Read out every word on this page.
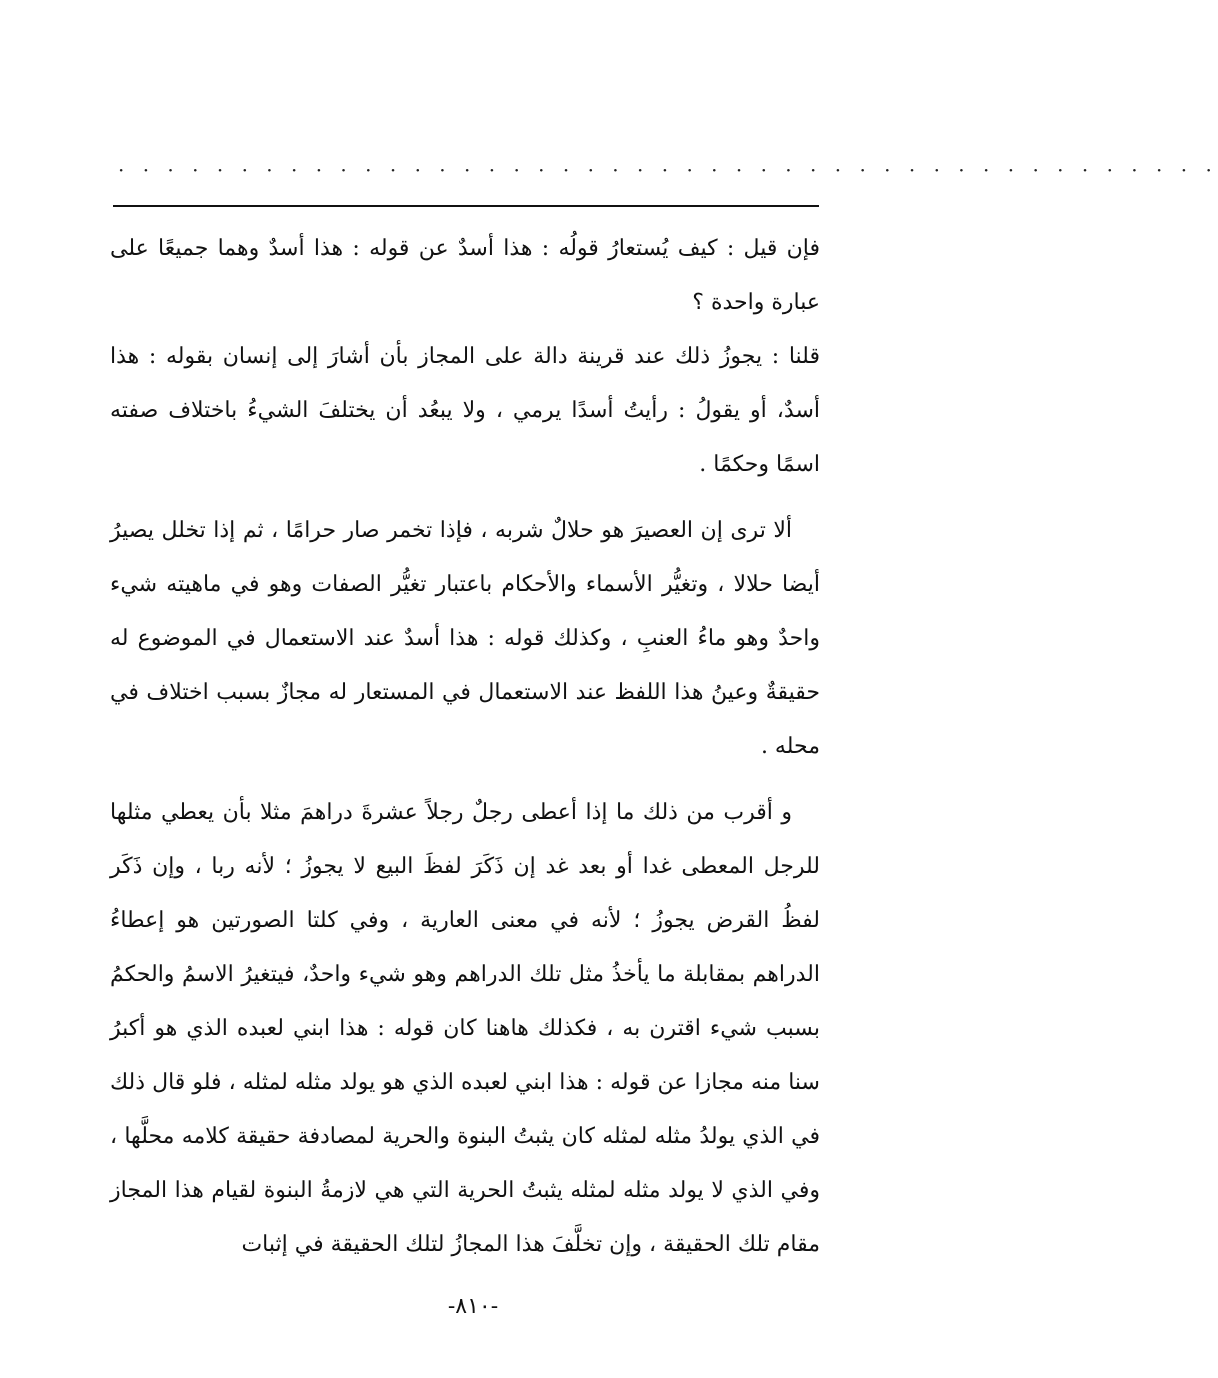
· · · · · · · · · · · · · · · · · · · · · · · · · · · · · · · · · · · · · · · · · · · · ·

فإن قيل : كيف يُستعارُ قولُه : هذا أسدٌ عن قوله : هذا أسدٌ وهما جميعًا على عبارة واحدة ؟

قلنا : يجوزُ ذلك عند قرينة دالة على المجاز بأن أشارَ إلى إنسان بقوله : هذا أسدٌ، أو يقولُ : رأيتُ أسدًا يرمي ، ولا يبعُد أن يختلفَ الشيءُ باختلاف صفته اسمًا وحكمًا .

ألا ترى إن العصيرَ هو حلالٌ شربه ، فإذا تخمر صار حرامًا ، ثم إذا تخلل يصيرُ أيضا حلالا ، وتغيُّر الأسماء والأحكام باعتبار تغيُّر الصفات وهو في ماهيته شيء واحدٌ وهو ماءُ العنبِ ، وكذلك قوله : هذا أسدٌ عند الاستعمال في الموضوع له حقيقةٌ وعينُ هذا اللفظ عند الاستعمال في المستعار له مجازٌ بسبب اختلاف في محله .

و أقرب من ذلك ما إذا أعطى رجلٌ رجلاً عشرةَ دراهمَ مثلا بأن يعطي مثلها للرجل المعطى غدا أو بعد غد إن ذَكَرَ لفظَ البيع لا يجوزُ ؛ لأنه ربا ، وإن ذَكَر لفظُ القرض يجوزُ ؛ لأنه في معنى العارية ، وفي كلتا الصورتين هو إعطاءُ الدراهم بمقابلة ما يأخذُ مثل تلك الدراهم وهو شيء واحدٌ، فيتغيرُ الاسمُ والحكمُ بسبب شيء اقترن به ، فكذلك هاهنا كان قوله : هذا ابني لعبده الذي هو أكبرُ سنا منه مجازا عن قوله : هذا ابني لعبده الذي هو يولد مثله لمثله ، فلو قال ذلك في الذي يولدُ مثله لمثله كان يثبتُ البنوة والحرية لمصادفة حقيقة كلامه محلَّها ، وفي الذي لا يولد مثله لمثله يثبتُ الحرية التي هي لازمةُ البنوة لقيام هذا المجاز مقام تلك الحقيقة ، وإن تخلَّفَ هذا المجازُ لتلك الحقيقة في إثبات

-٨١٠-
